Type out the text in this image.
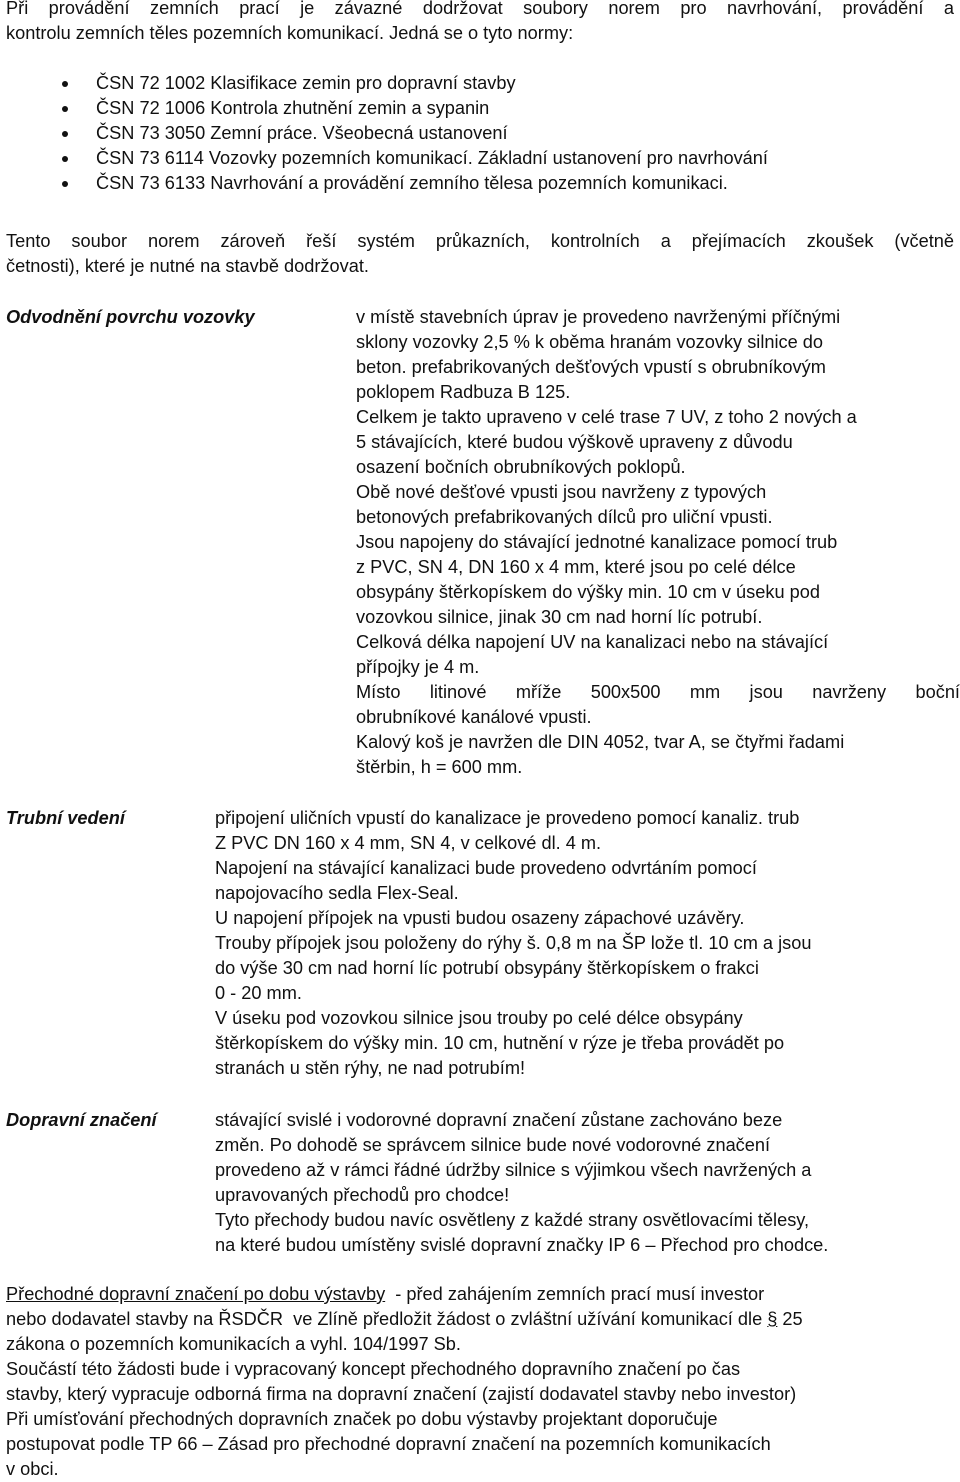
Při provádění zemních prací je závazné dodržovat soubory norem pro navrhování, provádění a

kontrolu zemních těles pozemních komunikací. Jedná se o tyto normy:

ČSN 72 1002 Klasifikace zemin pro dopravní stavby
ČSN 72 1006 Kontrola zhutnění zemin a sypanin
ČSN 73 3050 Zemní práce. Všeobecná ustanovení
ČSN 73 6114 Vozovky pozemních komunikací. Základní ustanovení pro navrhování
ČSN 73 6133 Navrhování a provádění zemního tělesa pozemních komunikaci.

Tento soubor norem zároveň řeší systém průkazních, kontrolních a přejímacích zkoušek (včetně

četnosti), které je nutné na stavbě dodržovat.

Odvodnění povrchu vozovky	v místě stavebních úprav je provedeno navrženými příčnými

sklony vozovky 2,5 % k oběma hranám vozovky silnice do

beton. prefabrikovaných dešťových vpustí s obrubníkovým

poklopem Radbuza B 125.

Celkem je takto upraveno v celé trase 7 UV, z toho 2 nových a

5 stávajících, které budou výškově upraveny z důvodu

osazení bočních obrubníkových poklopů.

Obě nové dešťové vpusti jsou navrženy z typových

betonových prefabrikovaných dílců pro uliční vpusti.

Jsou napojeny do stávající jednotné kanalizace pomocí trub

z PVC, SN 4, DN 160 x 4 mm, které jsou po celé délce

obsypány štěrkopískem do výšky min. 10 cm v úseku pod

vozovkou silnice, jinak 30 cm nad horní líc potrubí.

Celková délka napojení UV na kanalizaci nebo na stávající

přípojky je 4 m.

Místo litinové mříže 500x500 mm jsou navrženy boční

obrubníkové kanálové vpusti.

Kalový koš je navržen dle DIN 4052, tvar A, se čtyřmi řadami

štěrbin, h = 600 mm.

Trubní vedení	připojení uličních vpustí do kanalizace je provedeno pomocí kanaliz. trub

Z PVC DN 160 x 4 mm, SN 4, v celkové dl. 4 m.

Napojení na stávající kanalizaci bude provedeno odvrtáním pomocí

napojovacího sedla Flex-Seal.

U napojení přípojek na vpusti budou osazeny zápachové uzávěry.

Trouby přípojek jsou položeny do rýhy š. 0,8 m na ŠP lože tl. 10 cm a jsou

do výše 30 cm nad horní líc potrubí obsypány štěrkopískem o frakci

0 - 20 mm.

V úseku pod vozovkou silnice jsou trouby po celé délce obsypány

štěrkopískem do výšky min. 10 cm, hutnění v rýze je třeba provádět po

stranách u stěn rýhy, ne nad potrubím!

Dopravní značení	stávající svislé i vodorovné dopravní značení zůstane zachováno beze

změn. Po dohodě se správcem silnice bude nové vodorovné značení

provedeno až v rámci řádné údržby silnice s výjimkou všech navržených a

upravovaných přechodů pro chodce!

Tyto přechody budou navíc osvětleny z každé strany osvětlovacími tělesy,

na které budou umístěny svislé dopravní značky IP 6 – Přechod pro chodce.

Přechodné dopravní značení po dobu výstavby  - před zahájením zemních prací musí investor

nebo dodavatel stavby na ŘSDČR  ve Zlíně předložit žádost o zvláštní užívání komunikací dle § 25

zákona o pozemních komunikacích a vyhl. 104/1997 Sb.

Součástí této žádosti bude i vypracovaný koncept přechodného dopravního značení po čas

stavby, který vypracuje odborná firma na dopravní značení (zajistí dodavatel stavby nebo investor)

Při umísťování přechodných dopravních značek po dobu výstavby projektant doporučuje

postupovat podle TP 66 – Zásad pro přechodné dopravní značení na pozemních komunikacích

v obci.
